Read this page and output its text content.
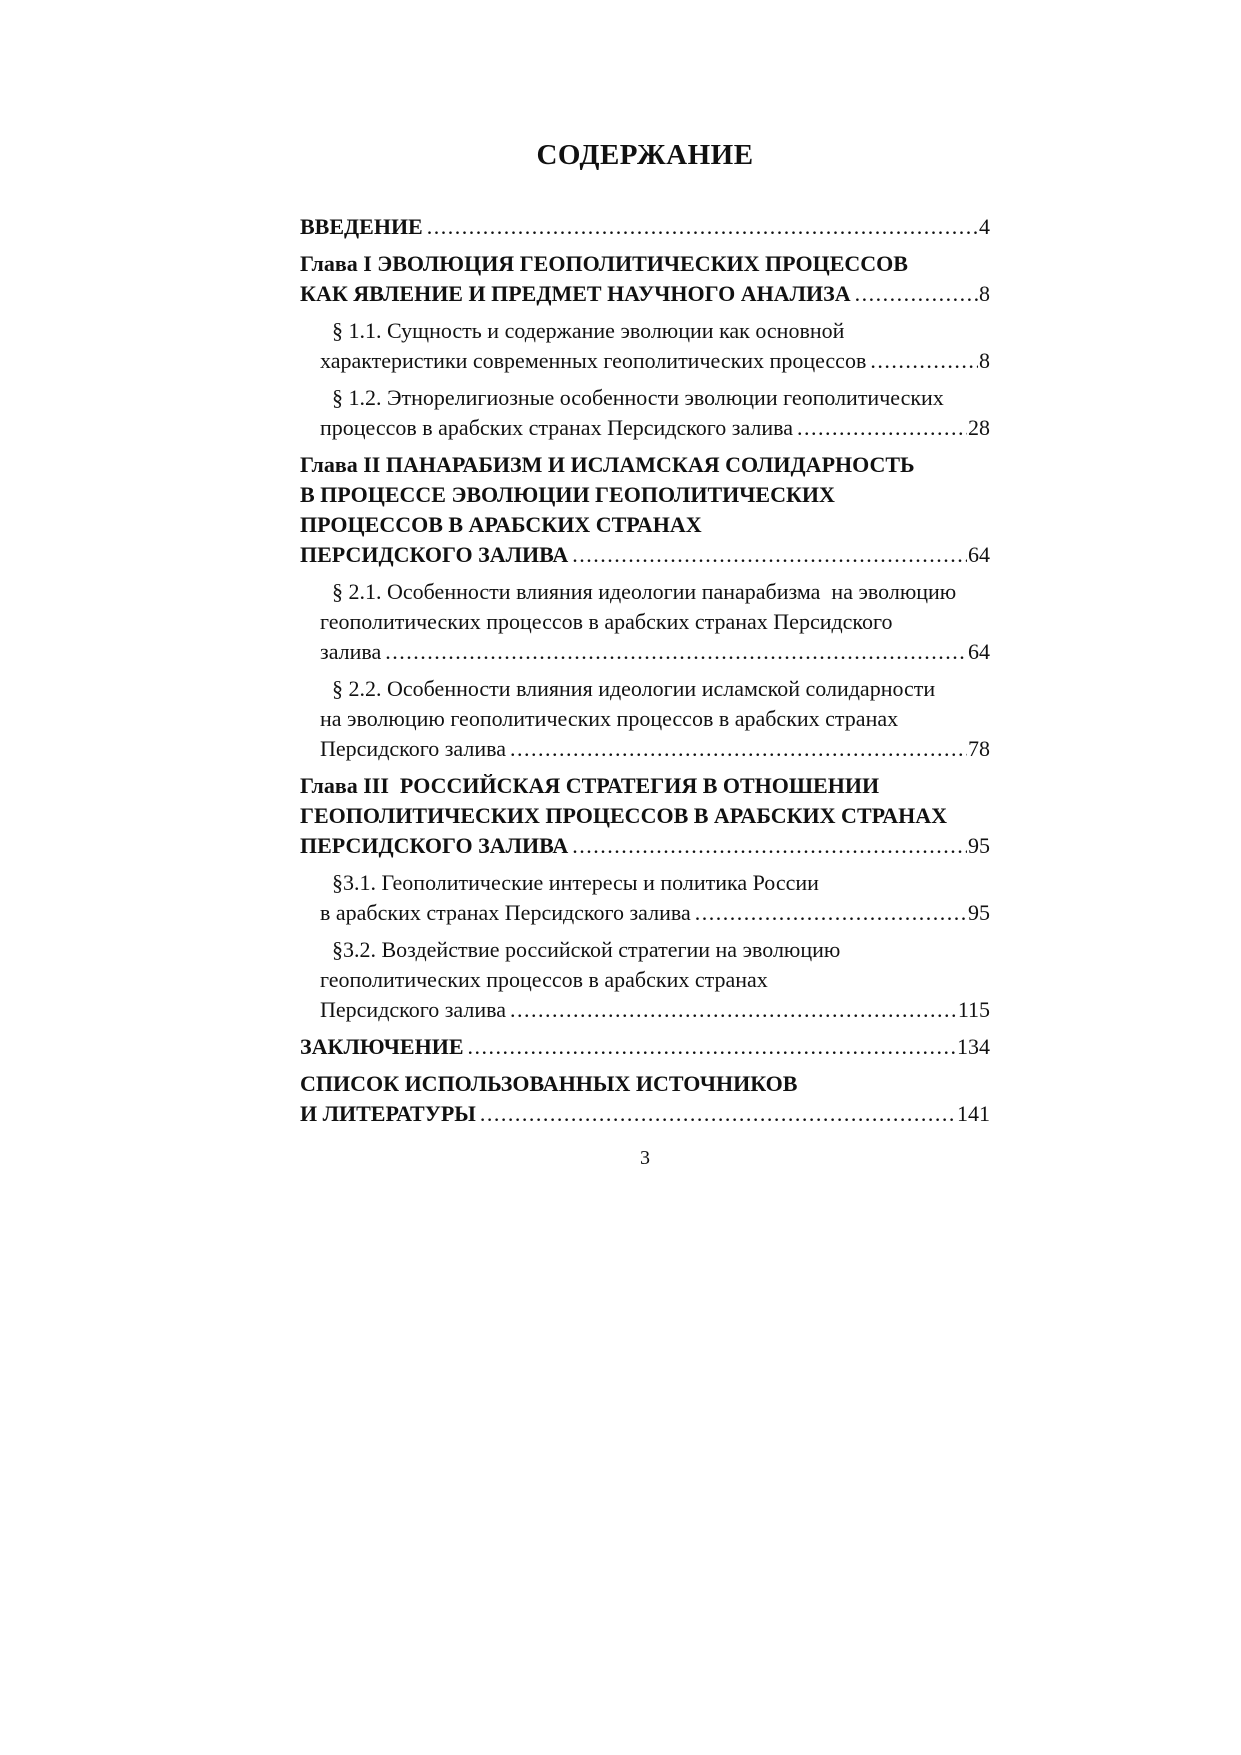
СОДЕРЖАНИЕ
ВВЕДЕНИЕ .....	4
Глава I ЭВОЛЮЦИЯ ГЕОПОЛИТИЧЕСКИХ ПРОЦЕССОВ
КАК ЯВЛЕНИЕ И ПРЕДМЕТ НАУЧНОГО АНАЛИЗА .....	8
§ 1.1. Сущность и содержание эволюции как основной
характеристики современных геополитических процессов .....	8
§ 1.2. Этнорелигиозные особенности эволюции геополитических
процессов в арабских странах Персидского залива .....	28
Глава II ПАНАРАБИЗМ И ИСЛАМСКАЯ СОЛИДАРНОСТЬ
В ПРОЦЕССЕ ЭВОЛЮЦИИ ГЕОПОЛИТИЧЕСКИХ
ПРОЦЕССОВ В АРАБСКИХ СТРАНАХ
ПЕРСИДСКОГО ЗАЛИВА .....	64
§ 2.1. Особенности влияния идеологии панарабизма  на эволюцию
геополитических процессов в арабских странах Персидского
залива .....	64
§ 2.2. Особенности влияния идеологии исламской солидарности
на эволюцию геополитических процессов в арабских странах
Персидского залива .....	78
Глава III  РОССИЙСКАЯ СТРАТЕГИЯ В ОТНОШЕНИИ
ГЕОПОЛИТИЧЕСКИХ ПРОЦЕССОВ В АРАБСКИХ СТРАНАХ
ПЕРСИДСКОГО ЗАЛИВА .....	95
§3.1. Геополитические интересы и политика России
в арабских странах Персидского залива .....	95
§3.2. Воздействие российской стратегии на эволюцию
геополитических процессов в арабских странах
Персидского залива .....	115
ЗАКЛЮЧЕНИЕ .....	134
СПИСОК ИСПОЛЬЗОВАННЫХ ИСТОЧНИКОВ
И ЛИТЕРАТУРЫ .....	141
3
